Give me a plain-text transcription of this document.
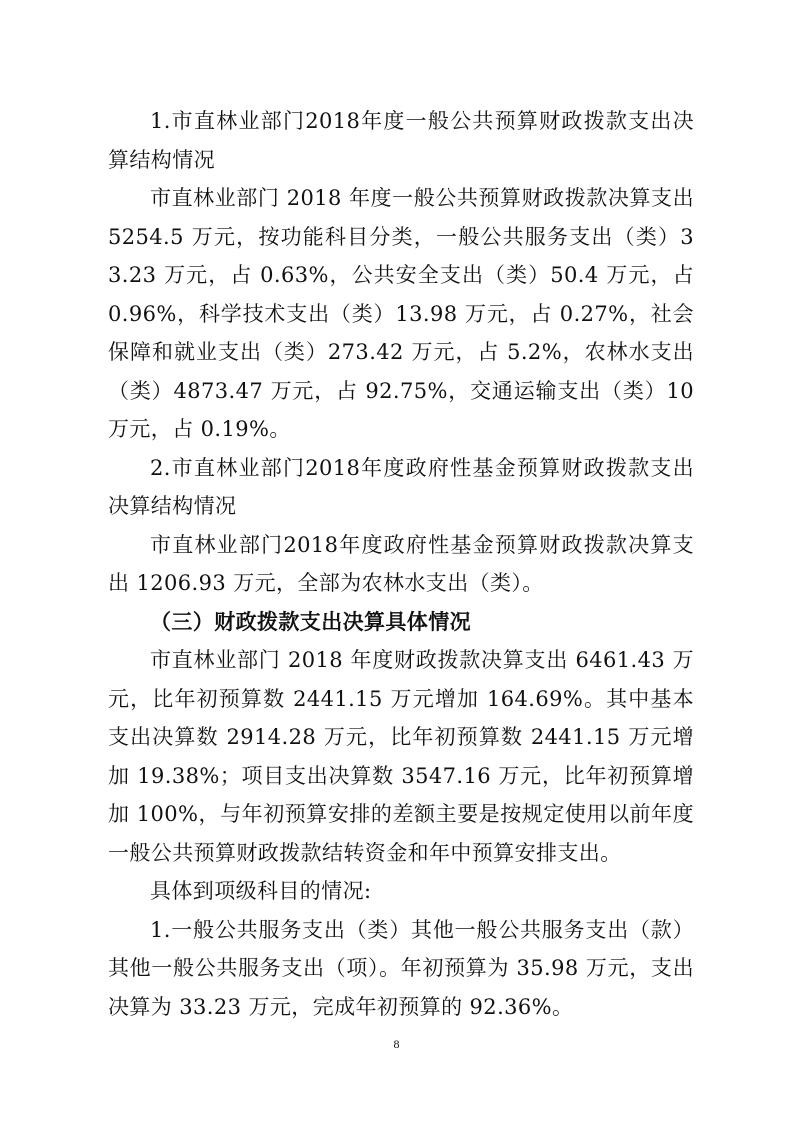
1.市直林业部门2018年度一般公共预算财政拨款支出决算结构情况

市直林业部门 2018 年度一般公共预算财政拨款决算支出 5254.5 万元，按功能科目分类，一般公共服务支出（类）33.23 万元，占 0.63%，公共安全支出（类）50.4 万元，占 0.96%，科学技术支出（类）13.98 万元，占 0.27%，社会保障和就业支出（类）273.42 万元，占 5.2%，农林水支出（类）4873.47 万元，占 92.75%，交通运输支出（类）10 万元，占 0.19%。

2.市直林业部门2018年度政府性基金预算财政拨款支出决算结构情况

市直林业部门2018年度政府性基金预算财政拨款决算支出 1206.93 万元，全部为农林水支出（类）。

（三）财政拨款支出决算具体情况

市直林业部门 2018 年度财政拨款决算支出 6461.43 万元，比年初预算数 2441.15 万元增加 164.69%。其中基本支出决算数 2914.28 万元，比年初预算数 2441.15 万元增加 19.38%；项目支出决算数 3547.16 万元，比年初预算增加 100%，与年初预算安排的差额主要是按规定使用以前年度一般公共预算财政拨款结转资金和年中预算安排支出。

具体到项级科目的情况:

1.一般公共服务支出（类）其他一般公共服务支出（款）其他一般公共服务支出（项）。年初预算为 35.98 万元，支出决算为 33.23 万元，完成年初预算的 92.36%。

8
